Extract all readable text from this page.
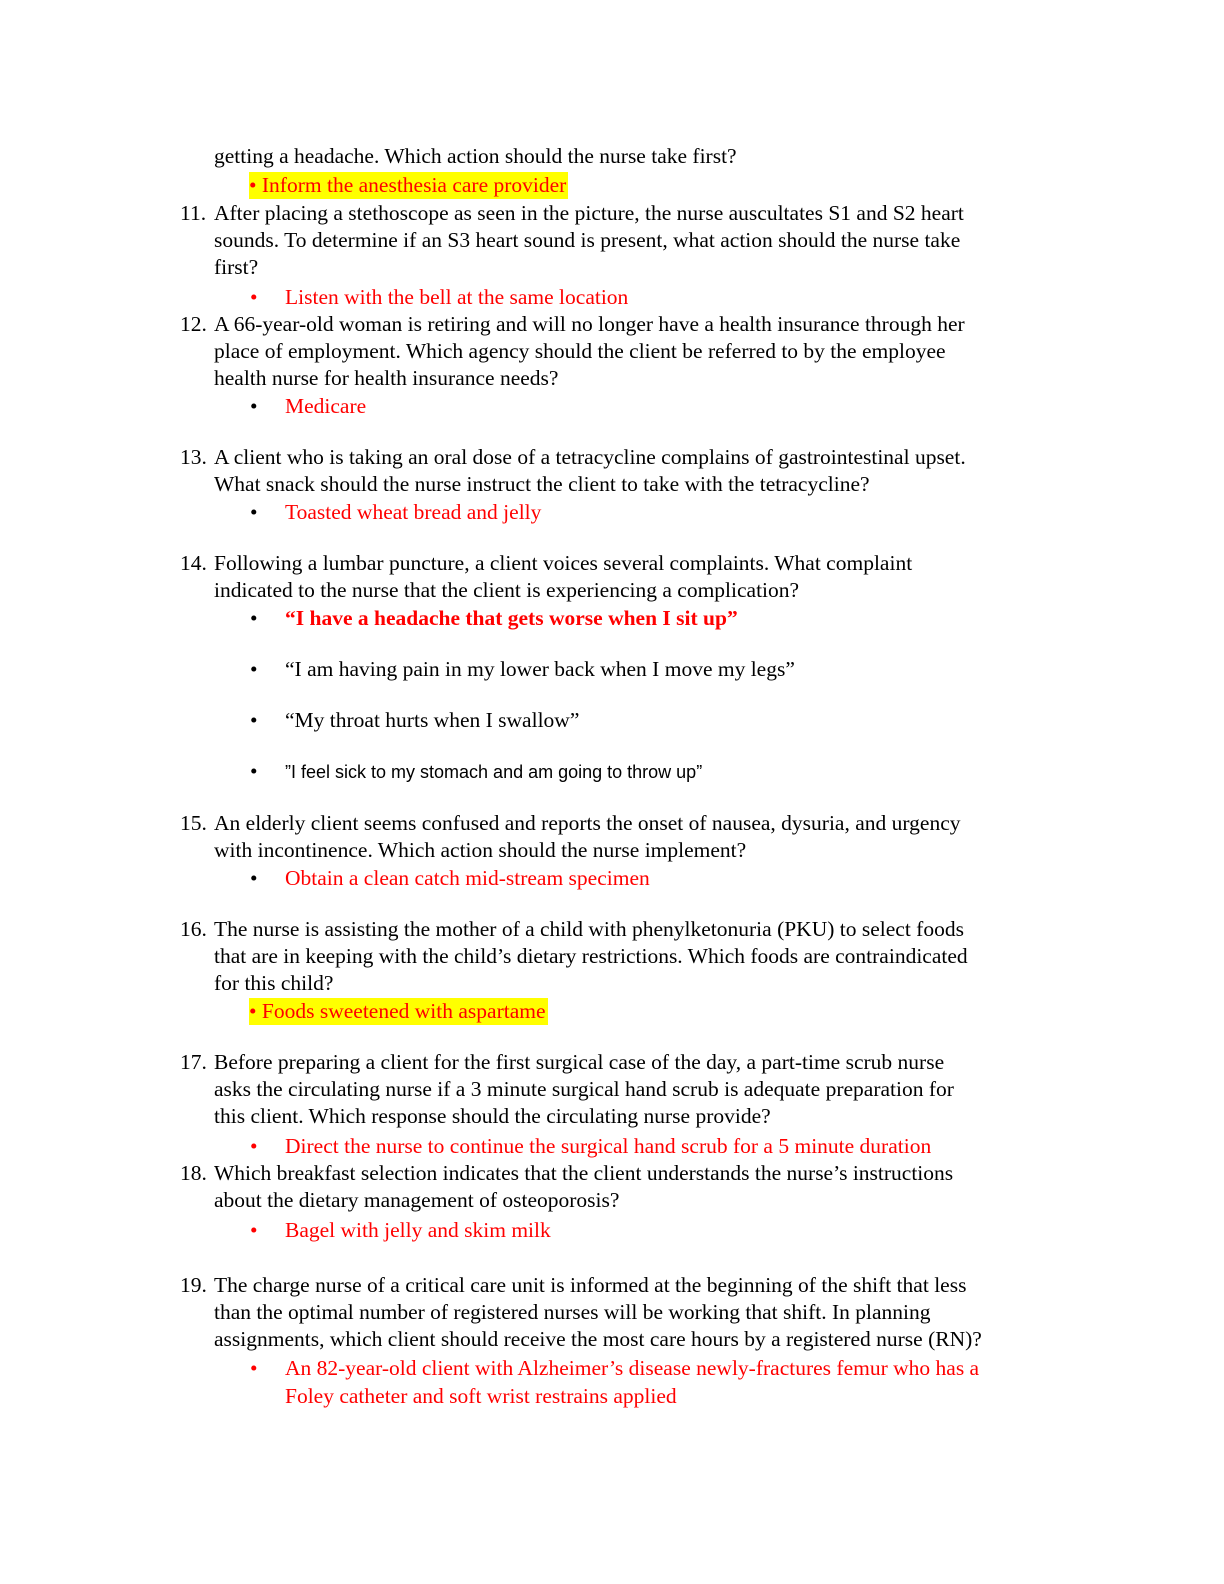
getting a headache. Which action should the nurse take first?
• Inform the anesthesia care provider
11. After placing a stethoscope as seen in the picture, the nurse auscultates S1 and S2 heart
sounds. To determine if an S3 heart sound is present, what action should the nurse take
first?
• Listen with the bell at the same location
12. A 66-year-old woman is retiring and will no longer have a health insurance through her
place of employment. Which agency should the client be referred to by the employee
health nurse for health insurance needs?
• Medicare
13. A client who is taking an oral dose of a tetracycline complains of gastrointestinal upset.
What snack should the nurse instruct the client to take with the tetracycline?
• Toasted wheat bread and jelly
14. Following a lumbar puncture, a client voices several complaints. What complaint
indicated to the nurse that the client is experiencing a complication?
• “I have a headache that gets worse when I sit up”
• “I am having pain in my lower back when I move my legs”
• “My throat hurts when I swallow”
• ”I feel sick to my stomach and am going to throw up”
15. An elderly client seems confused and reports the onset of nausea, dysuria, and urgency
with incontinence. Which action should the nurse implement?
• Obtain a clean catch mid-stream specimen
16. The nurse is assisting the mother of a child with phenylketonuria (PKU) to select foods
that are in keeping with the child’s dietary restrictions. Which foods are contraindicated
for this child?
• Foods sweetened with aspartame
17. Before preparing a client for the first surgical case of the day, a part-time scrub nurse
asks the circulating nurse if a 3 minute surgical hand scrub is adequate preparation for
this client. Which response should the circulating nurse provide?
• Direct the nurse to continue the surgical hand scrub for a 5 minute duration
18. Which breakfast selection indicates that the client understands the nurse’s instructions
about the dietary management of osteoporosis?
• Bagel with jelly and skim milk
19. The charge nurse of a critical care unit is informed at the beginning of the shift that less
than the optimal number of registered nurses will be working that shift. In planning
assignments, which client should receive the most care hours by a registered nurse (RN)?
• An 82-year-old client with Alzheimer’s disease newly-fractures femur who has a
Foley catheter and soft wrist restrains applied
